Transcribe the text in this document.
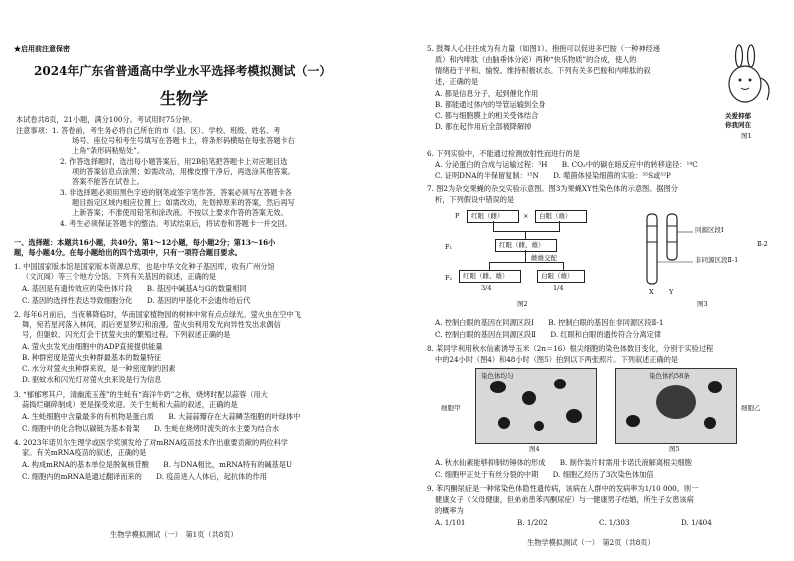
★启用前注意保密
2024年广东省普通高中学业水平选择考模拟测试（一）
生物学
本试卷共8页，21小题，满分100分。考试用时75分钟。
注意事项：1. 答卷前，考生务必将自己所在的市（县、区）、学校、班级、姓名、考
场号、座位号和考生号填写在答题卡上，将条形码横贴在每张答题卡右
上角“条形码粘贴处”。
2. 作答选择题时，选出每小题答案后，用2B铅笔把答题卡上对应题目选
项的答案信息点涂黑；如需改动，用橡皮擦干净后，再选涂其他答案。
答案不能答在试卷上。
3. 非选择题必须用黑色字迹的钢笔或签字笔作答，答案必须写在答题卡各
题目指定区域内相应位置上；如需改动，先划掉原来的答案，然后再写
上新答案；不准使用铅笔和涂改液。不按以上要求作答的答案无效。
4. 考生必须保证答题卡的整洁。考试结束后，将试卷和答题卡一并交回。
一、选择题：本题共16小题，共40分。第1～12小题，每小题2分；第13～16小
题，每小题4分。在每小题给出的四个选项中，只有一项符合题目要求。
1. 中国国家版本馆是国家版本资源总库，也是中华文化种子基因库，收有广州分馆
（文沉阁）等三个地方分馆。下列有关基因的叙述，正确的是
A. 基因是有遗传效应的染色体片段　　B. 基因中碱基A与G的数量相同
C. 基因的选择性表达导致细胞分化　　D. 基因的甲基化不会遗传给后代
2. 每年6月前后，当夜幕降临时，华南国家植物园的树林中常有点点绿光。萤火虫在空中飞
舞，宛若星河落入林间，雨后更显梦幻和浪漫。萤火虫利用发光向异性发出求偶信
号，但躯蚁、闪光灯会干扰萤火虫的繁殖过程。下列叙述正确的是
A. 萤火虫发光由细胞中的ADP直接提供能量
B. 种群密度是萤火虫种群最基本的数量特征
C. 水分对萤火虫种群来说，是一种密度制约因素
D. 驱蚊水和闪光灯对萤火虫来说是行为信息
3. “郁郁寒其户，清幽流玉莲”的生蚝有“海洋牛奶”之称，烧烤时配以蒜蓉（用大
蒜捣烂碾碎制成）更是探受欢迎。关于生蚝和大蒜的叙述，正确的是
A. 生蚝细胞中含量最多的有机物是蛋白质　　B. 大蒜蒜瓣存在大蒜鳞茎细胞的叶绿体中
C. 细胞中的化合物以碳链为基本骨架　　D. 生蚝在烧烤时流失的水主要为结合水
4. 2023年诺贝尔生理学或医学奖颁发给了对mRNA疫苗技术作出重要贡献的两位科学
家。有关mRNA疫苗的叙述，正确的是
A. 构成mRNA的基本单位是脱氧核苷酸　　B. 与DNA相比，mRNA特有的碱基是U
C. 细胞内的mRNA是通过翻译而来的　　D. 疫苗进入人体后，起抗体的作用
生物学模拟测试（一）　第1页（共8页）
5. 鼓舞人心往往成为有力量（如图1）。抱抱可以促进多巴胺（一种神经递
质）和内啡肽（由脑垂体分泌）两种“快乐物质”的合成，使人的
情绪趋于平和、愉悦、维持积极状态。下列有关多巴胺和内啡肽的叙
述，正确的是
A. 都是信息分子，起到催化作用
B. 都能通过体内的导管运输到全身
C. 都与细胞膜上的相关受体结合
D. 都在起作用后全部被降解掉
关爱抑郁
你我同在
图1
6. 下列实验中，不能通过检测放射性而进行的是
A. 分泌蛋白的合成与运输过程：³H　　B. CO₂中的碳在暗反应中的转移途径：¹⁴C
C. 证明DNA的半保留复制：¹⁵N　　D. 噬菌体侵染细菌的实验：³⁵S或³²P
7. 图2为杂交果蝇的杂交实验示意图。图3为果蝇XY性染色体的示意图。据图分
析，下列假设中错误的是
P 红眼（雌）	× 白眼（雄）
F₁	红眼（雌、雄）
雌雄交配
F₂ 红眼（雌、雄）	白眼（雄）
3/4	1/4
图2
同源区段Ⅰ
非同源区段Ⅱ-1
Ⅱ-2
X Y
图3
A. 控制白眼的基因在同源区段Ⅰ　　B. 控制白眼的基因在非同源区段Ⅱ-1
C. 控制白眼的基因在同源区段Ⅱ　　D. 红眼和白眼的遗传符合分离定律
8. 某同学利用秋水仙素诱导玉米（2n＝16）根尖细胞的染色体数目变化，分别于实验过程
中的24小时（图4）和48小时（图5）拍到以下两张照片。下列叙述正确的是
染色体均匀
细胞甲
图4
染色体约58条
细胞乙
图5
A. 秋水仙素能够抑制纺锤体的形成　　B. 制作装片时需用卡诺氏液解离根尖细胞
C. 细胞甲正处于有丝分裂的中期　　D. 细胞乙经历了3次染色体加倍
9. 苯丙酮尿症是一种常染色体隐性遗传病，该病在人群中的发病率为1/10 000。则一
健康女子（父母健康，但弟弟患苯丙酮尿症）与一健康男子结婚，所生子女患该病
的概率为
A. 1/101	B. 1/202	C. 1/303	D. 1/404
生物学模拟测试（一）　第2页（共8页）
